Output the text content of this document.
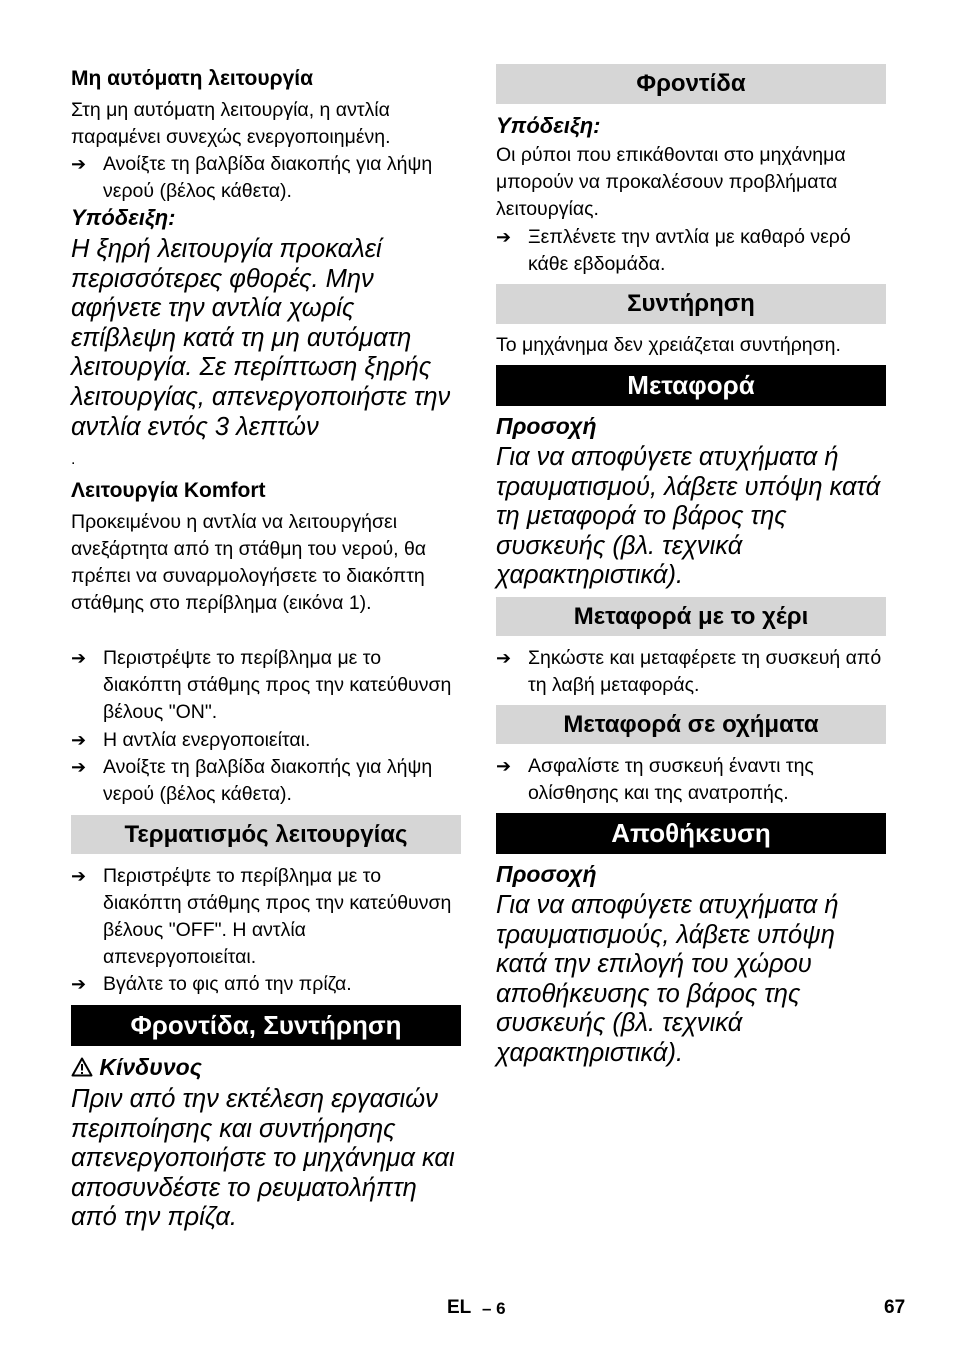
Μη αυτόματη λειτουργία
Στη μη αυτόματη λειτουργία, η αντλία παραμένει συνεχώς ενεργοποιημένη.
➔ Ανοίξτε τη βαλβίδα διακοπής για λήψη νερού (βέλος κάθετα).
Υπόδειξη:
Η ξηρή λειτουργία προκαλεί περισσότερες φθορές. Μην αφήνετε την αντλία χωρίς επίβλεψη κατά τη μη αυτόματη λειτουργία. Σε περίπτωση ξηρής λειτουργίας, απενεργοποιήστε την αντλία εντός 3 λεπτών
.
Λειτουργία Komfort
Προκειμένου η αντλία να λειτουργήσει ανεξάρτητα από τη στάθμη του νερού, θα πρέπει να συναρμολογήσετε το διακόπτη στάθμης στο περίβλημα (εικόνα 1).
➔ Περιστρέψτε το περίβλημα με το διακόπτη στάθμης προς την κατεύθυνση βέλους "ON".
➔ Η αντλία ενεργοποιείται.
➔ Ανοίξτε τη βαλβίδα διακοπής για λήψη νερού (βέλος κάθετα).
Τερματισμός λειτουργίας
➔ Περιστρέψτε το περίβλημα με το διακόπτη στάθμης προς την κατεύθυνση βέλους "OFF". Η αντλία απενεργοποιείται.
➔ Βγάλτε το φις από την πρίζα.
Φροντίδα, Συντήρηση
Κίνδυνος
Πριν από την εκτέλεση εργασιών περιποίησης και συντήρησης απενεργοποιήστε το μηχάνημα και αποσυνδέστε το ρευματολήπτη από την πρίζα.
Φροντίδα
Υπόδειξη:
Οι ρύποι που επικάθονται στο μηχάνημα μπορούν να προκαλέσουν προβλήματα λειτουργίας.
➔ Ξεπλένετε την αντλία με καθαρό νερό κάθε εβδομάδα.
Συντήρηση
Το μηχάνημα δεν χρειάζεται συντήρηση.
Μεταφορά
Προσοχή
Για να αποφύγετε ατυχήματα ή τραυματισμού, λάβετε υπόψη κατά τη μεταφορά το βάρος της συσκευής (βλ. τεχνικά χαρακτηριστικά).
Μεταφορά με το χέρι
➔ Σηκώστε και μεταφέρετε τη συσκευή από τη λαβή μεταφοράς.
Μεταφορά σε οχήματα
➔ Ασφαλίστε τη συσκευή έναντι της ολίσθησης και της ανατροπής.
Αποθήκευση
Προσοχή
Για να αποφύγετε ατυχήματα ή τραυματισμούς, λάβετε υπόψη κατά την επιλογή του χώρου αποθήκευσης το βάρος της συσκευής (βλ. τεχνικά χαρακτηριστικά).
EL – 6	67
